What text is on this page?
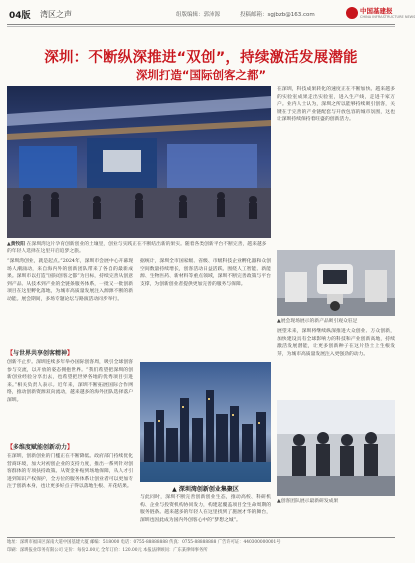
04版 湾区之声	组版编辑：郭沛源	投稿邮箱：sgjbzb@163.com	中国基建报
CHINA INFRASTRUCTURE NEWS
深圳：不断纵深推进“双创”，持续激活发展潜能
深圳打造“国际创客之都”
在深圳，科技成果转化的速度正在不断加快。越来越多的实验室成果走出实验室，进入生产线，走进千家万户。业内人士认为，深圳之所以能够持续吸引创客，关键在于完善的产业链配套与开放包容的城市氛围，这也让深圳持续保持着旺盛的创新活力。
▲黄牧阳 在深圳湾这片孕育创新创业的土壤里，创业与实践正在不断结出新的果实。随着各类创新平台不断完善，越来越多的年轻人选择在这里开启追梦之旅。
“深圳湾创业，就是起点。”2024年，深圳市会展中心开幕现场人潮涌动，来自海内外的创新团队带来了各自的最新成果。深圳市以打造“国际创客之都”为目标，持续完善从创意到产品、从技术到产业的全链条服务体系，一批又一批创新项目在这里孵化落地，为城市高质量发展注入源源不断的新动能。展会期间，多场专题论坛与路演活动同步举行。
据统计，深圳全市国家级、省级、市级科技企业孵化器和众创空间数量持续增长，创客活动日益活跃。围绕人工智能、新能源、生物医药、新材料等重点领域，深圳不断完善政策与平台支撑，为创新创业者提供更加完善的服务与保障。
【与世界共享创客精神】
创新不止步。深圳连续多年举办国际创客周，吸引全球创客参与交流，以开放的姿态拥抱世界。“我们希望把深圳的创新创业经验分享出去，也希望把世界各地的优秀项目引进来。”相关负责人表示。近年来，深圳不断拓展国际合作网络，推动创新资源双向流动，越来越多的海外团队选择落户深圳。
【多维度赋能创新动力】
在深圳，创新创业的门槛正在不断降低。政府部门持续优化营商环境，加大对初创企业的支持力度，推出一系列针对创客群体的专项扶持政策。从资金补贴到场地保障，从人才引进到知识产权保护，全方位的服务体系让创业者可以更加专注于创新本身，也让更多好点子得以落地生根、开花结果。	▲ 深圳湾创新创业集聚区
与此同时，深圳不断完善创新创业生态，推动高校、科研机构、企业与投资机构协同发力，构建起覆盖项目全生命周期的服务链条。越来越多的年轻人在这里找到了施展才华的舞台，深圳也因此成为国内外创客心中的“梦想之城”。
▲展会现场展示的新产品吸引观众驻足
展望未来，深圳将继续纵深推进大众创业、万众创新，加快建设具有全球影响力的科技和产业创新高地，持续激活发展潜能，让更多创新种子在这片热土上生根发芽，为城市高质量发展注入更强劲的动力。
▲创客团队展示最新研发成果
地址：深圳市福田区深南大道中国基建大厦 邮编：518000 电话：0755-88888888 传真：0755-88888888 广告许可证：440300000001号
印刷：深圳报业印务有限公司 定价：每份2.00元 全年订价：120.00元 本报法律顾问：广东某律师事务所
